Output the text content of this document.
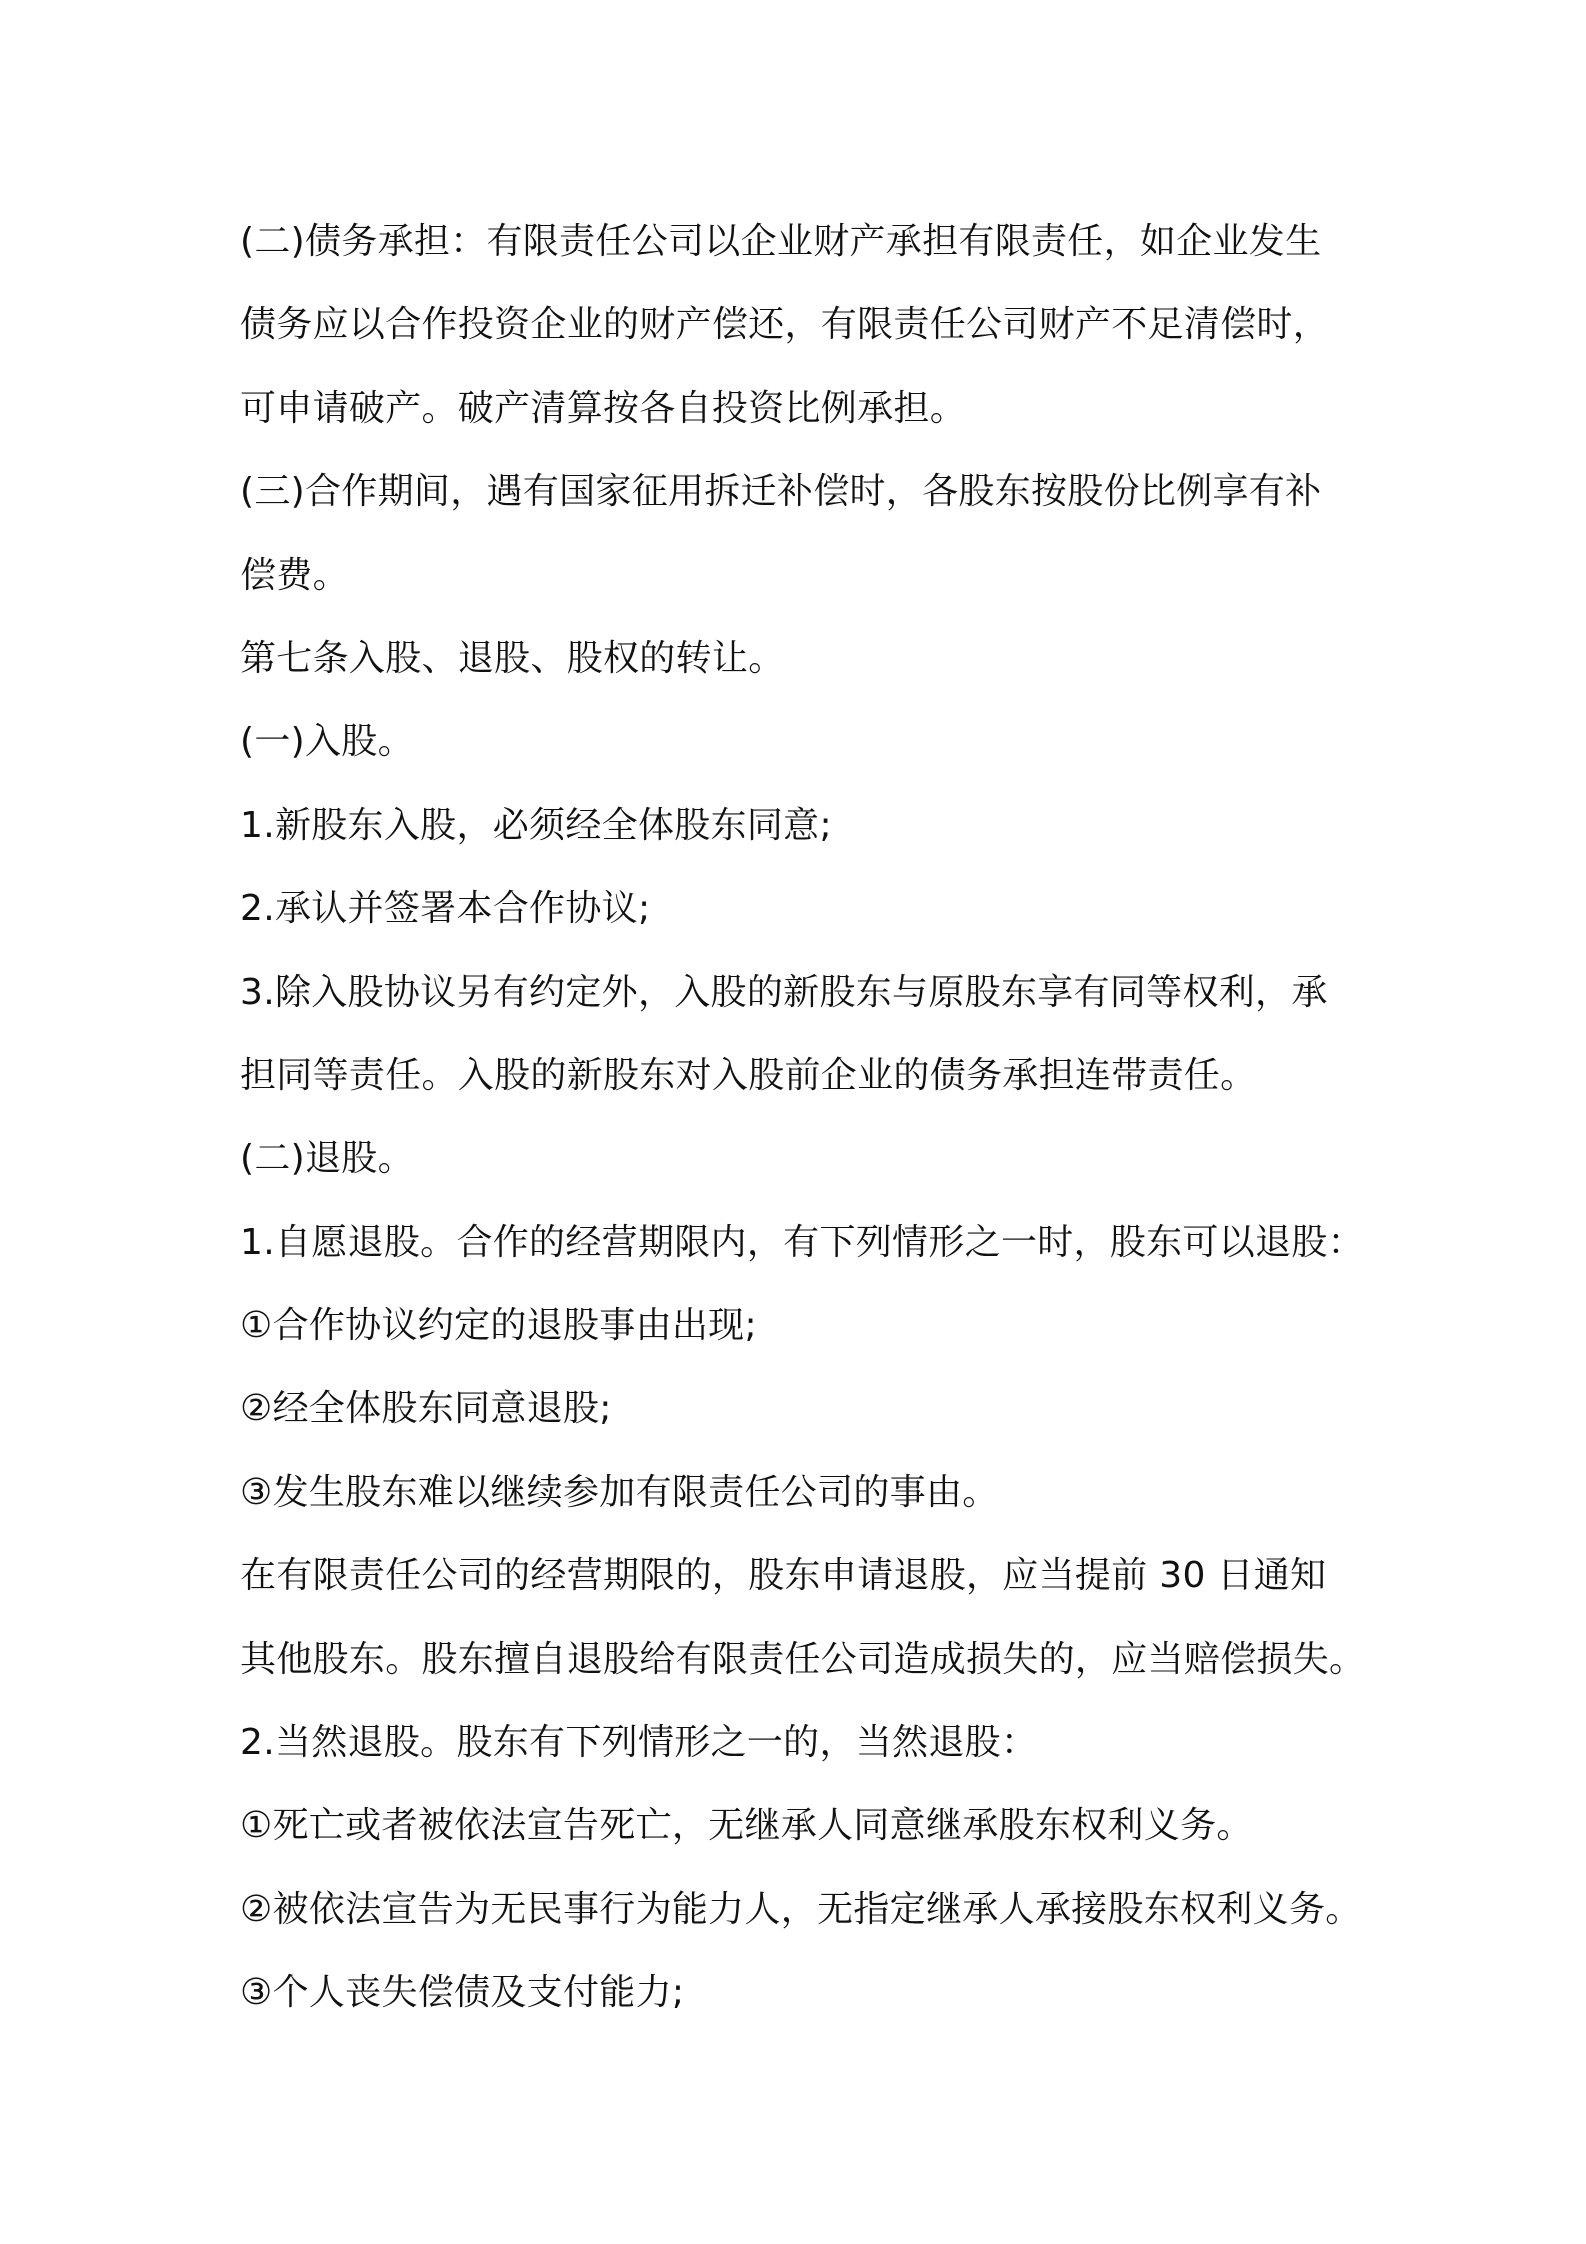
(二)债务承担：有限责任公司以企业财产承担有限责任，如企业发生
债务应以合作投资企业的财产偿还，有限责任公司财产不足清偿时，
可申请破产。破产清算按各自投资比例承担。
(三)合作期间，遇有国家征用拆迁补偿时，各股东按股份比例享有补
偿费。
第七条入股、退股、股权的转让。
(一)入股。
1.新股东入股，必须经全体股东同意;
2.承认并签署本合作协议;
3.除入股协议另有约定外，入股的新股东与原股东享有同等权利，承
担同等责任。入股的新股东对入股前企业的债务承担连带责任。
(二)退股。
1.自愿退股。合作的经营期限内，有下列情形之一时，股东可以退股：
①合作协议约定的退股事由出现;
②经全体股东同意退股;
③发生股东难以继续参加有限责任公司的事由。
在有限责任公司的经营期限的，股东申请退股，应当提前 30 日通知
其他股东。股东擅自退股给有限责任公司造成损失的，应当赔偿损失。
2.当然退股。股东有下列情形之一的，当然退股：
①死亡或者被依法宣告死亡，无继承人同意继承股东权利义务。
②被依法宣告为无民事行为能力人，无指定继承人承接股东权利义务。
③个人丧失偿债及支付能力;
